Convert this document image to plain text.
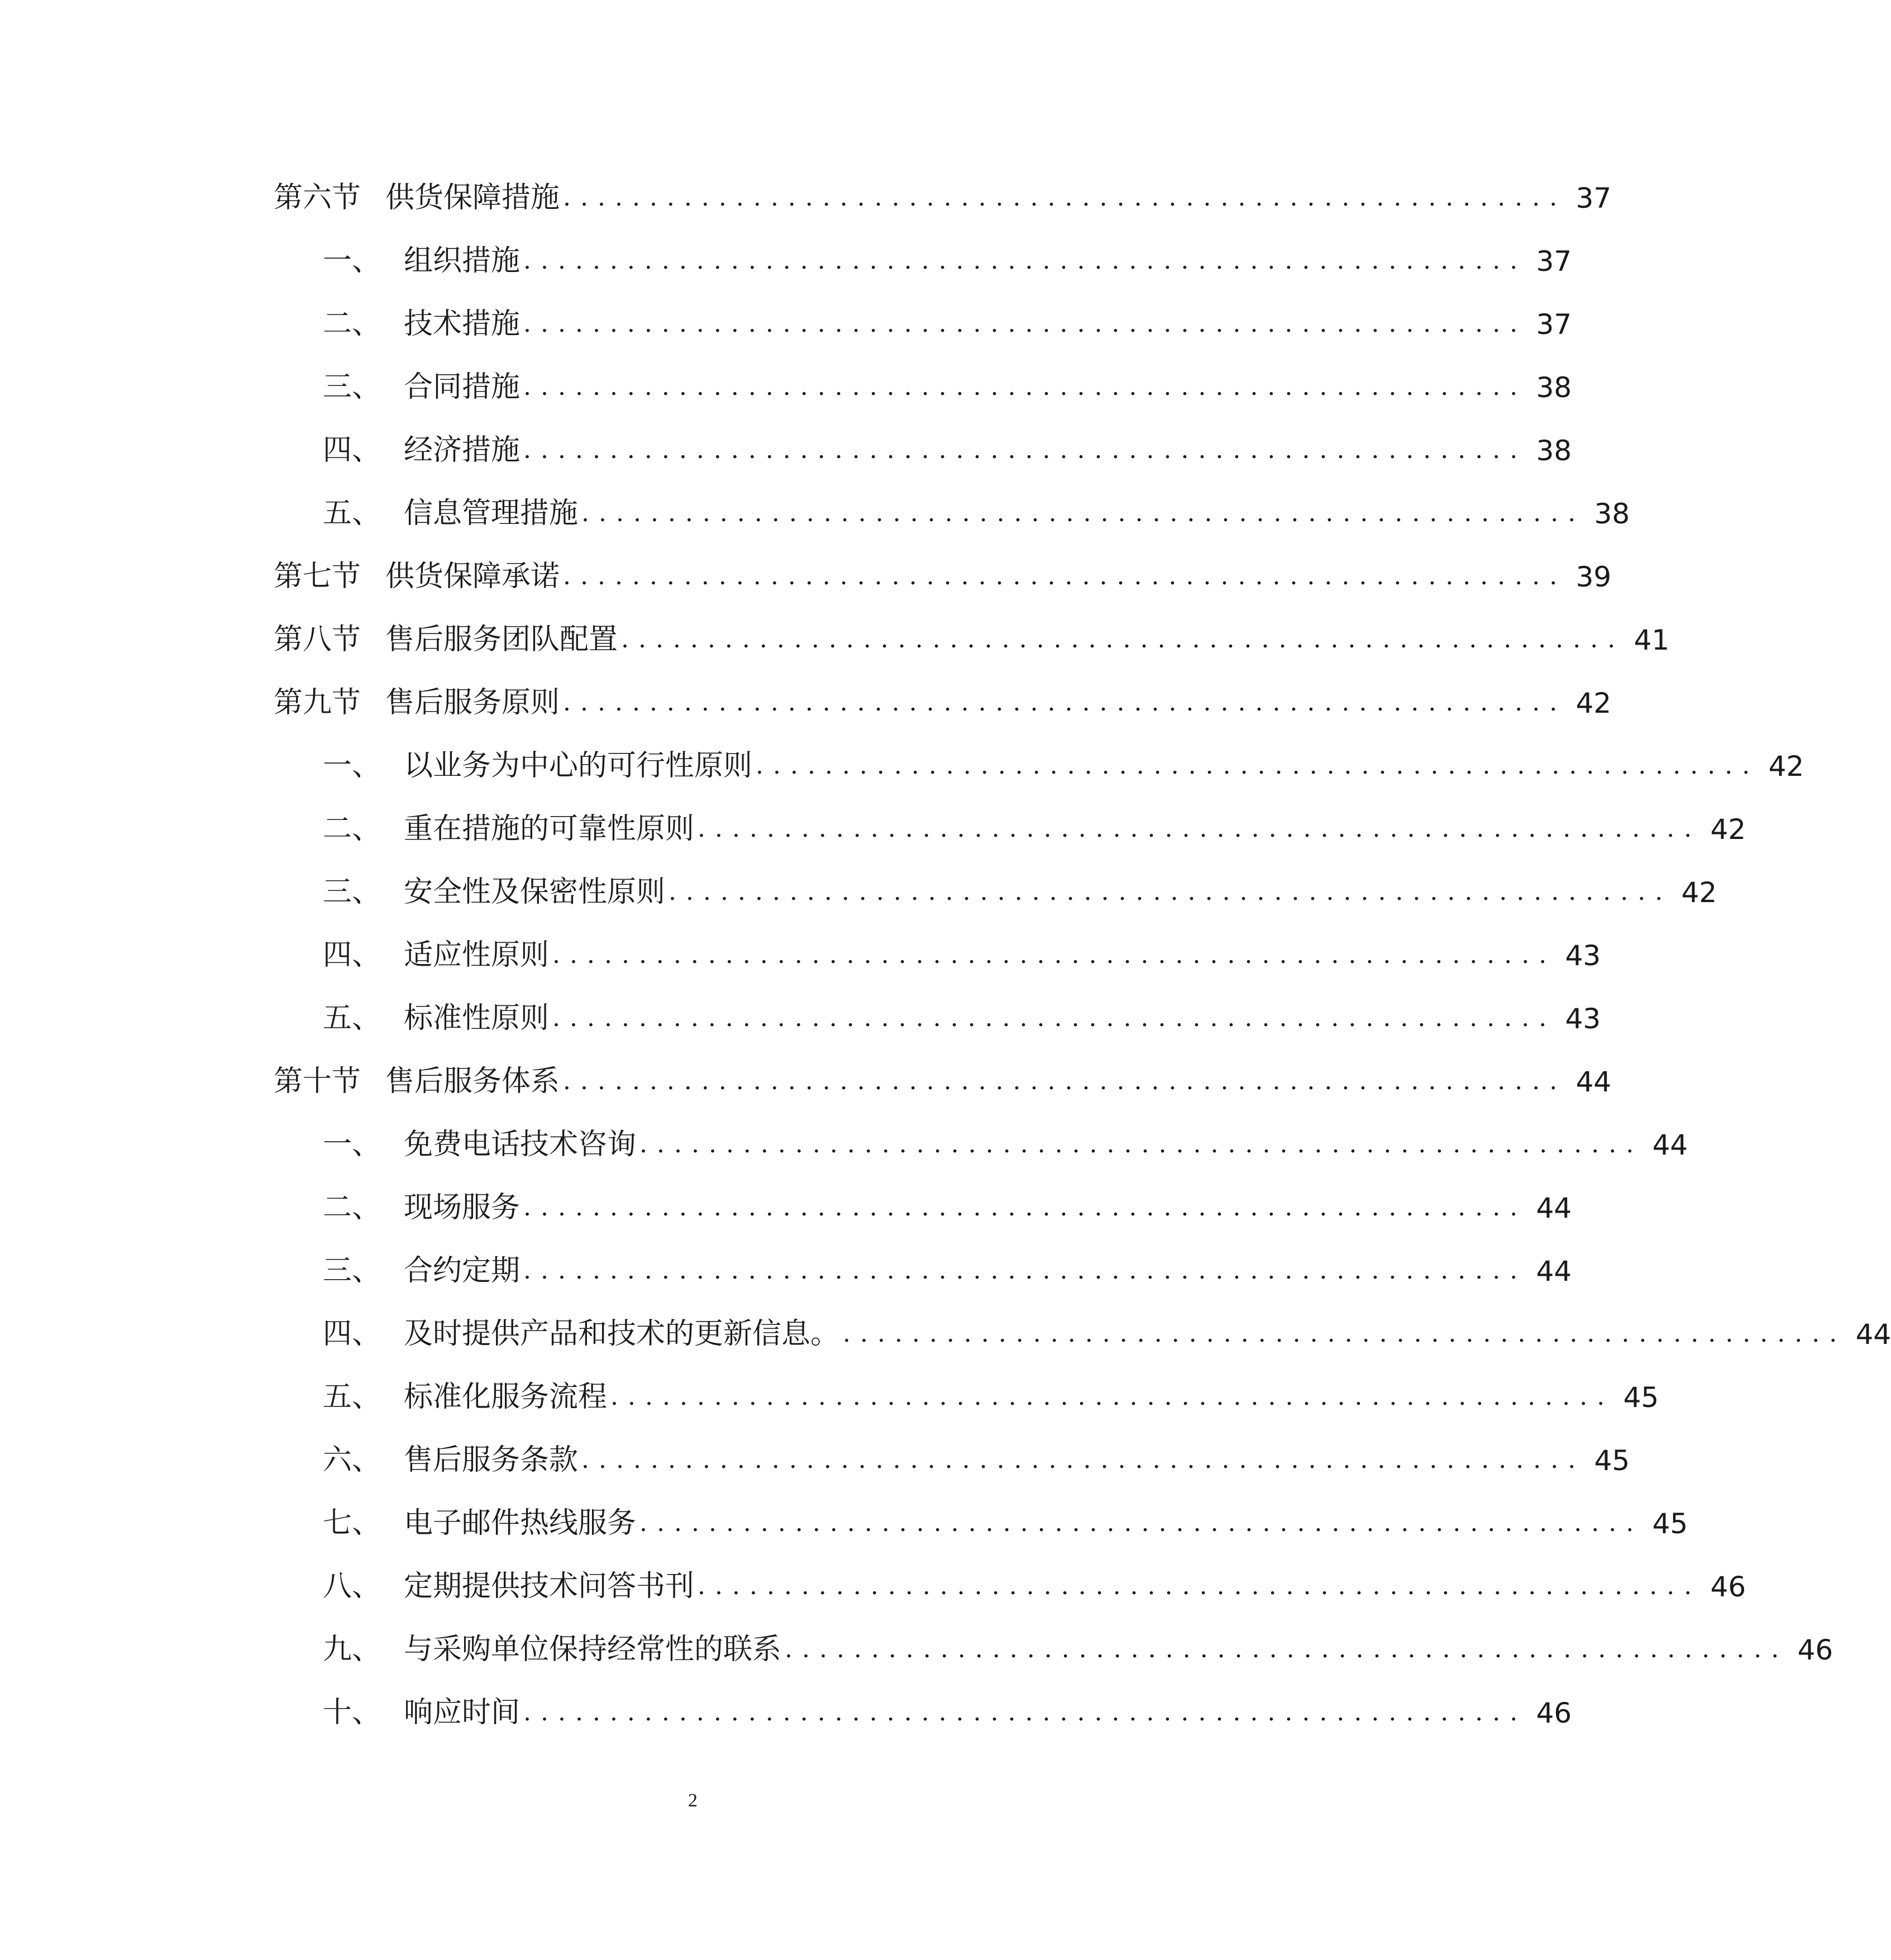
第六节 供货保障措施 .......................................................... 37
一、 组织措施 .......................................................... 37
二、 技术措施 .......................................................... 37
三、 合同措施 .......................................................... 38
四、 经济措施 .......................................................... 38
五、 信息管理措施 .......................................................... 38
第七节 供货保障承诺 .......................................................... 39
第八节 售后服务团队配置 .......................................................... 41
第九节 售后服务原则 .......................................................... 42
一、 以业务为中心的可行性原则 .......................................................... 42
二、 重在措施的可靠性原则 .......................................................... 42
三、 安全性及保密性原则 .......................................................... 42
四、 适应性原则 .......................................................... 43
五、 标准性原则 .......................................................... 43
第十节 售后服务体系 .......................................................... 44
一、 免费电话技术咨询 .......................................................... 44
二、 现场服务 .......................................................... 44
三、 合约定期 .......................................................... 44
四、 及时提供产品和技术的更新信息。 .......................................................... 44
五、 标准化服务流程 .......................................................... 45
六、 售后服务条款 .......................................................... 45
七、 电子邮件热线服务 .......................................................... 45
八、 定期提供技术问答书刊 .......................................................... 46
九、 与采购单位保持经常性的联系 .......................................................... 46
十、 响应时间 .......................................................... 46
2
